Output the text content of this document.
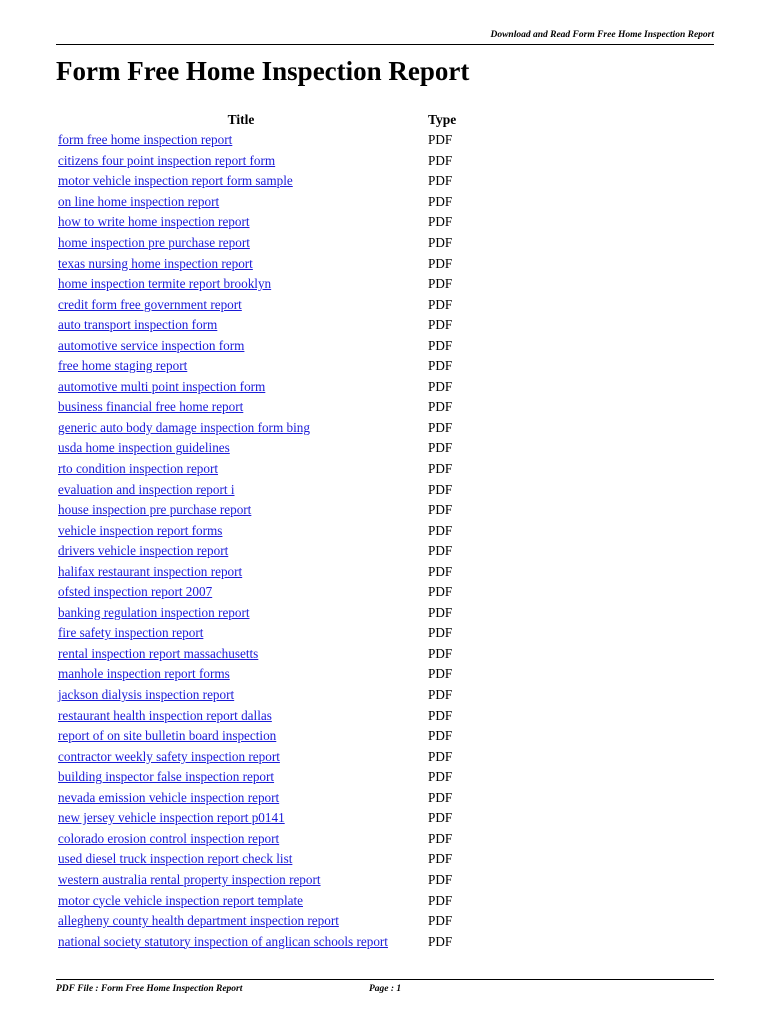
Download and Read Form Free Home Inspection Report
Form Free Home Inspection Report
Title	Type
form free home inspection report	PDF
citizens four point inspection report form	PDF
motor vehicle inspection report form sample	PDF
on line home inspection report	PDF
how to write home inspection report	PDF
home inspection pre purchase report	PDF
texas nursing home inspection report	PDF
home inspection termite report brooklyn	PDF
credit form free government report	PDF
auto transport inspection form	PDF
automotive service inspection form	PDF
free home staging report	PDF
automotive multi point inspection form	PDF
business financial free home report	PDF
generic auto body damage inspection form bing	PDF
usda home inspection guidelines	PDF
rto condition inspection report	PDF
evaluation and inspection report i	PDF
house inspection pre purchase report	PDF
vehicle inspection report forms	PDF
drivers vehicle inspection report	PDF
halifax restaurant inspection report	PDF
ofsted inspection report 2007	PDF
banking regulation inspection report	PDF
fire safety inspection report	PDF
rental inspection report massachusetts	PDF
manhole inspection report forms	PDF
jackson dialysis inspection report	PDF
restaurant health inspection report dallas	PDF
report of on site bulletin board inspection	PDF
contractor weekly safety inspection report	PDF
building inspector false inspection report	PDF
nevada emission vehicle inspection report	PDF
new jersey vehicle inspection report p0141	PDF
colorado erosion control inspection report	PDF
used diesel truck inspection report check list	PDF
western australia rental property inspection report	PDF
motor cycle vehicle inspection report template	PDF
allegheny county health department inspection report	PDF
national society statutory inspection of anglican schools report	PDF
PDF File : Form Free Home Inspection Report	Page : 1
